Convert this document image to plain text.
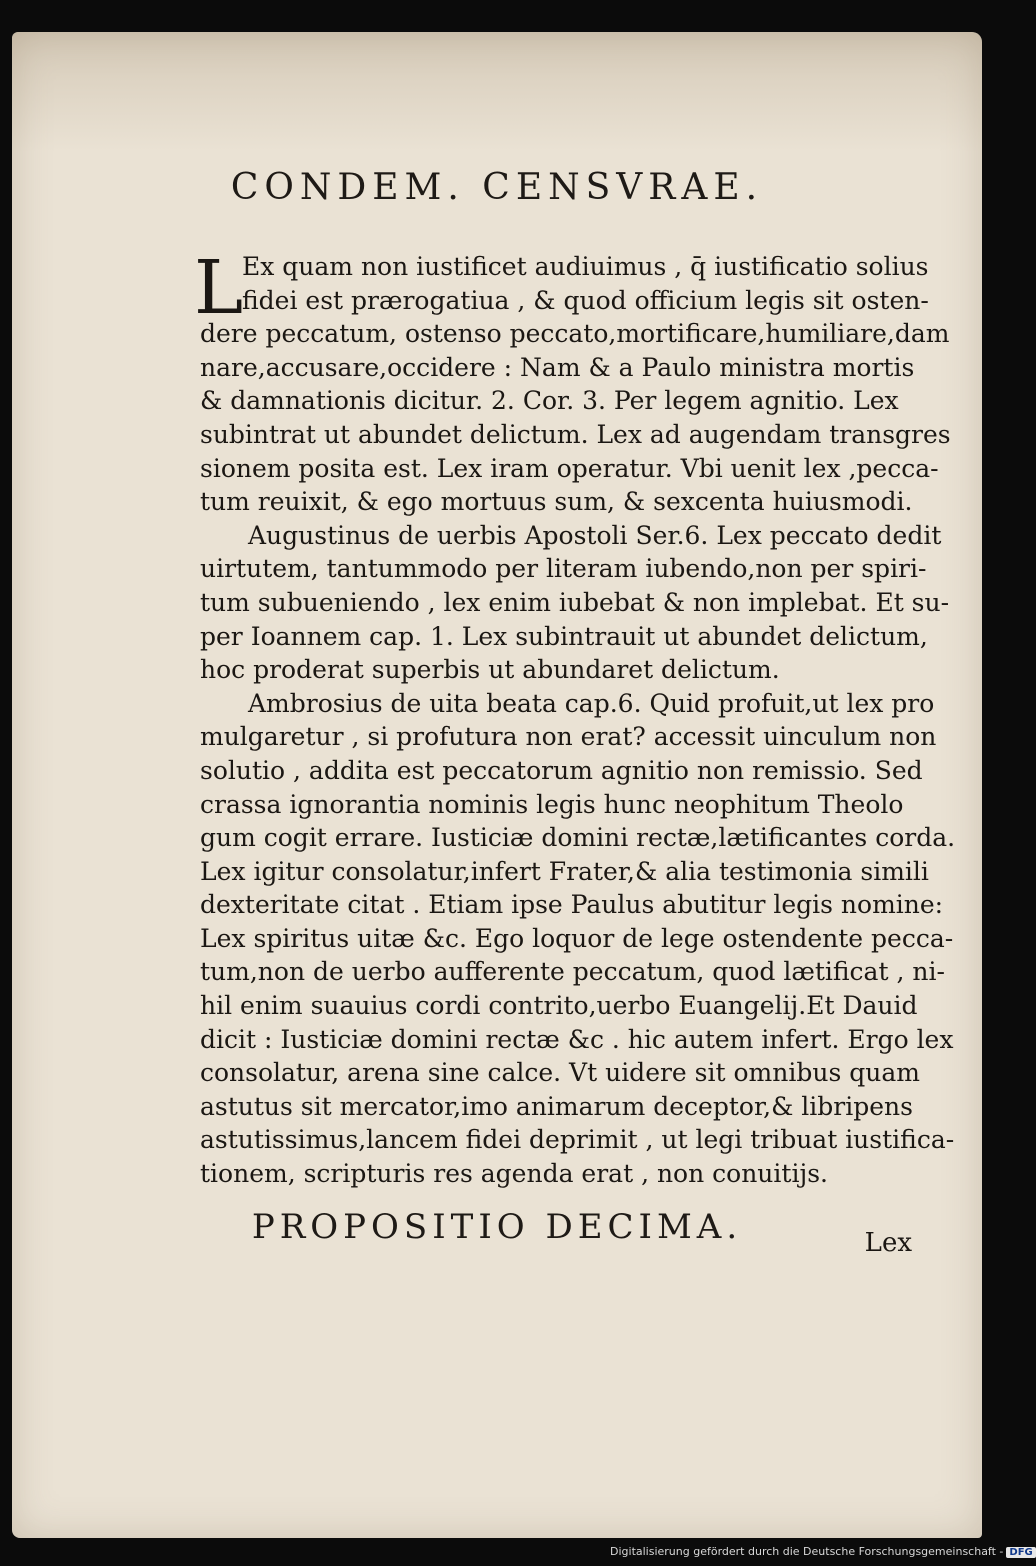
CONDEM. CENSVRAE.
L
Ex quam non iustificet audiuimus , q̄ iustificatio solius
fidei est prærogatiua , & quod officium legis sit osten-
dere peccatum, ostenso peccato,mortificare,humiliare,dam
nare,accusare,occidere : Nam & a Paulo ministra mortis
& damnationis dicitur. 2. Cor. 3. Per legem agnitio. Lex
subintrat ut abundet delictum. Lex ad augendam transgres
sionem posita est. Lex iram operatur. Vbi uenit lex ,pecca-
tum reuixit, & ego mortuus sum, & sexcenta huiusmodi.
Augustinus de uerbis Apostoli Ser.6. Lex peccato dedit
uirtutem, tantummodo per literam iubendo,non per spiri-
tum subueniendo , lex enim iubebat & non implebat. Et su-
per Ioannem cap. 1. Lex subintrauit ut abundet delictum,
hoc proderat superbis ut abundaret delictum.
Ambrosius de uita beata cap.6. Quid profuit,ut lex pro
mulgaretur , si profutura non erat? accessit uinculum non
solutio , addita est peccatorum agnitio non remissio. Sed
crassa ignorantia nominis legis hunc neophitum Theolo
gum cogit errare. Iusticiæ domini rectæ,lætificantes corda.
Lex igitur consolatur,infert Frater,& alia testimonia simili
dexteritate citat . Etiam ipse Paulus abutitur legis nomine:
Lex spiritus uitæ &c. Ego loquor de lege ostendente pecca-
tum,non de uerbo aufferente peccatum, quod lætificat , ni-
hil enim suauius cordi contrito,uerbo Euangelij.Et Dauid
dicit : Iusticiæ domini rectæ &c . hic autem infert. Ergo lex
consolatur, arena sine calce. Vt uidere sit omnibus quam
astutus sit mercator,imo animarum deceptor,& libripens
astutissimus,lancem fidei deprimit , ut legi tribuat iustifica-
tionem, scripturis res agenda erat , non conuitijs.
PROPOSITIO DECIMA.	Lex
Digitalisierung gefördert durch die Deutsche Forschungsgemeinschaft - DFG
